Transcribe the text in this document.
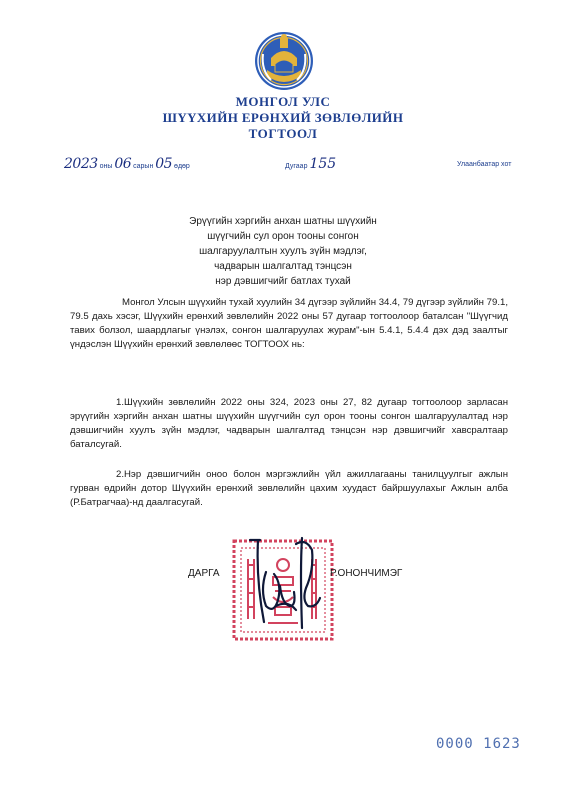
МОНГОЛ УЛС
ШҮҮХИЙН ЕРӨНХИЙ ЗӨВЛӨЛИЙН
ТОГТООЛ
2023 оны 06 сарын 05 өдөр	Дугаар 155	Улаанбаатар хот
Эрүүгийн хэргийн анхан шатны шүүхийн
шүүгчийн сул орон тооны сонгон
шалгаруулалтын хуулъ зүйн мэдлэг,
чадварын шалгалтад тэнцсэн
нэр дэвшигчийг батлах тухай
Монгол Улсын шүүхийн тухай хуулийн 34 дүгээр зүйлийн 34.4, 79 дүгээр зүйлийн 79.1, 79.5 дахь хэсэг, Шүүхийн ерөнхий зөвлөлийн 2022 оны 57 дугаар тогтоолоор баталсан "Шүүгчид тавих болзол, шаардлагыг үнэлэх, сонгон шалгаруулах журам"-ын 5.4.1, 5.4.4 дэх дэд заалтыг үндэслэн Шүүхийн ерөнхий зөвлөлөөс ТОГТООХ нь:
1.Шүүхийн зөвлөлийн 2022 оны 324, 2023 оны 27, 82 дугаар тогтоолоор зарласан эрүүгийн хэргийн анхан шатны шүүхийн шүүгчийн сул орон тооны сонгон шалгаруулалтад нэр дэвшигчийн хуулъ зүйн мэдлэг, чадварын шалгалтад тэнцсэн нэр дэвшигчийг хавсралтаар баталсугай.
2.Нэр дэвшигчийн оноо болон мэргэжлийн үйл ажиллагааны танилцуулгыг ажлын гурван өдрийн дотор Шүүхийн ерөнхий зөвлөлийн цахим хуудаст байршуулахыг Ажлын алба (Р.Батрагчаа)-нд даалгасугай.
ДАРГА	Р.ОНОНЧИМЭГ
0000 1623
